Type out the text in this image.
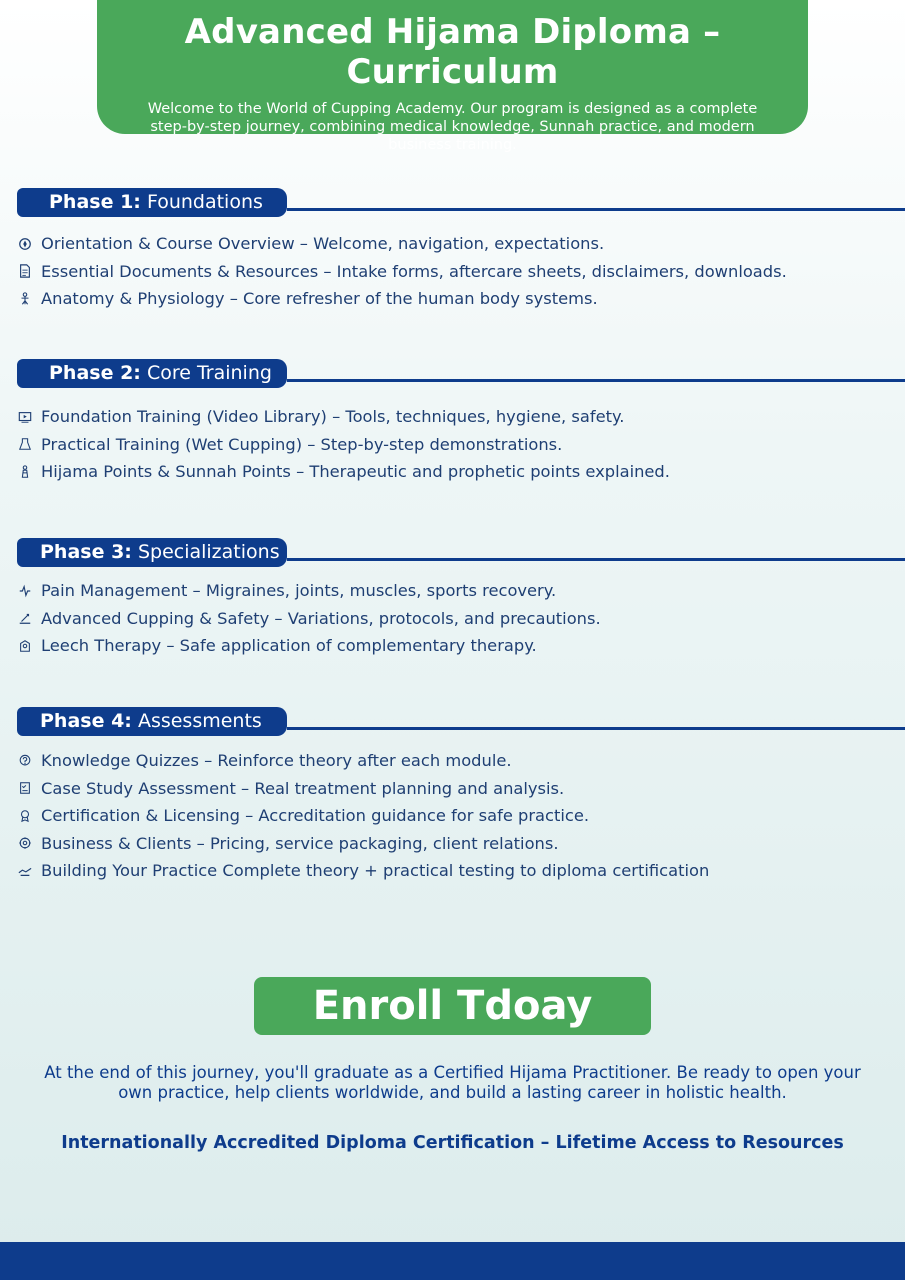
Advanced Hijama Diploma – Curriculum

Welcome to the World of Cupping Academy. Our program is designed as a complete step-by-step journey, combining medical knowledge, Sunnah practice, and modern business training.

Phase 1: Foundations
Orientation & Course Overview – Welcome, navigation, expectations.
Essential Documents & Resources – Intake forms, aftercare sheets, disclaimers, downloads.
Anatomy & Physiology – Core refresher of the human body systems.
Phase 2: Core Training
Foundation Training (Video Library) – Tools, techniques, hygiene, safety.
Practical Training (Wet Cupping) – Step-by-step demonstrations.
Hijama Points & Sunnah Points – Therapeutic and prophetic points explained.
Phase 3: Specializations
Pain Management – Migraines, joints, muscles, sports recovery.
Advanced Cupping & Safety – Variations, protocols, and precautions.
Leech Therapy – Safe application of complementary therapy.
Phase 4: Assessments
Knowledge Quizzes – Reinforce theory after each module.
Case Study Assessment – Real treatment planning and analysis.
Certification & Licensing – Accreditation guidance for safe practice.
Business & Clients – Pricing, service packaging, client relations.
Building Your Practice Complete theory + practical testing to diploma certification
Enroll Tdoay
At the end of this journey, you'll graduate as a Certified Hijama Practitioner. Be ready to open your own practice, help clients worldwide, and build a lasting career in holistic health.
Internationally Accredited Diploma Certification – Lifetime Access to Resources
